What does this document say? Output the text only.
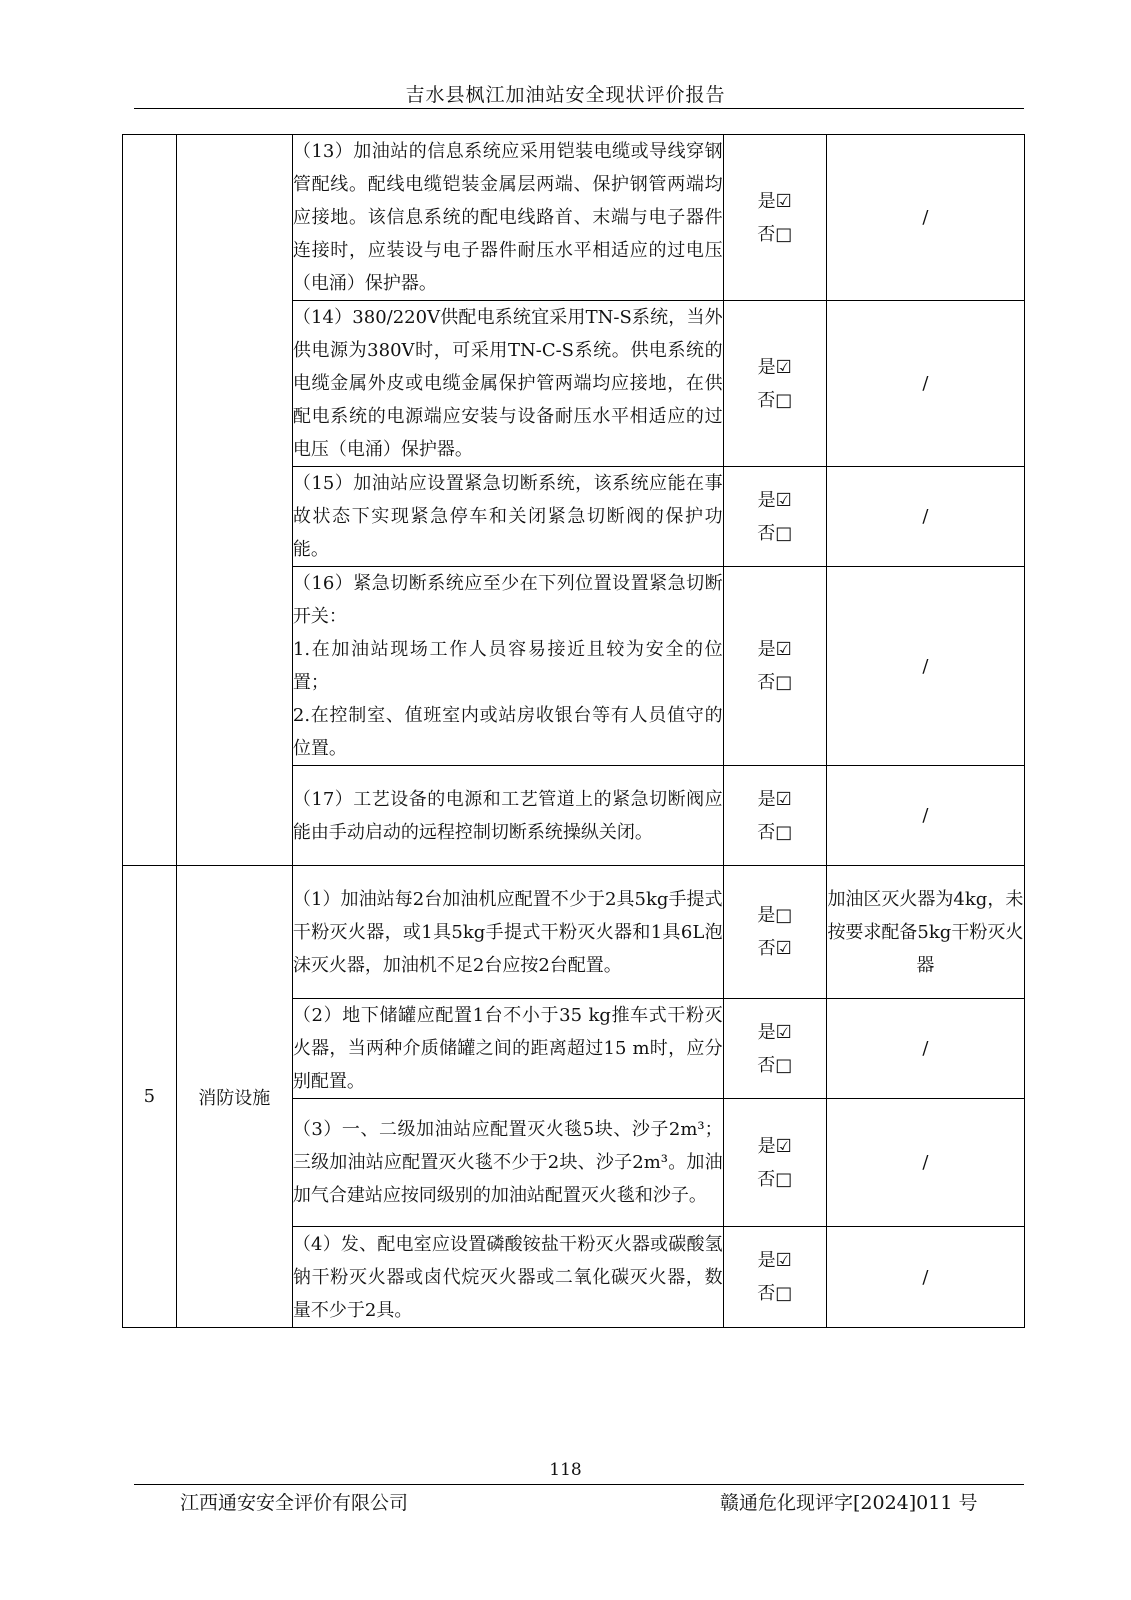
吉水县枫江加油站安全现状评价报告
		（13）加油站的信息系统应采用铠装电缆或导线穿钢管配线。配线电缆铠装金属层两端、保护钢管两端均应接地。该信息系统的配电线路首、末端与电子器件连接时，应装设与电子器件耐压水平相适应的过电压（电涌）保护器。	是☑
否□	/
		（14）380/220V供配电系统宜采用TN-S系统，当外供电源为380V时，可采用TN-C-S系统。供电系统的电缆金属外皮或电缆金属保护管两端均应接地，在供配电系统的电源端应安装与设备耐压水平相适应的过电压（电涌）保护器。	是☑
否□	/
		（15）加油站应设置紧急切断系统，该系统应能在事故状态下实现紧急停车和关闭紧急切断阀的保护功能。	是☑
否□	/
		（16）紧急切断系统应至少在下列位置设置紧急切断开关：
1.在加油站现场工作人员容易接近且较为安全的位置；
2.在控制室、值班室内或站房收银台等有人员值守的位置。	是☑
否□	/
		（17）工艺设备的电源和工艺管道上的紧急切断阀应能由手动启动的远程控制切断系统操纵关闭。	是☑
否□	/
5	消防设施	（1）加油站每2台加油机应配置不少于2具5kg手提式干粉灭火器，或1具5kg手提式干粉灭火器和1具6L泡沫灭火器，加油机不足2台应按2台配置。	是□
否☑	加油区灭火器为4kg，未按要求配备5kg干粉灭火器
		（2）地下储罐应配置1台不小于35 kg推车式干粉灭火器，当两种介质储罐之间的距离超过15 m时，应分别配置。	是☑
否□	/
		（3）一、二级加油站应配置灭火毯5块、沙子2m³；三级加油站应配置灭火毯不少于2块、沙子2m³。加油加气合建站应按同级别的加油站配置灭火毯和沙子。	是☑
否□	/
		（4）发、配电室应设置磷酸铵盐干粉灭火器或碳酸氢钠干粉灭火器或卤代烷灭火器或二氧化碳灭火器，数量不少于2具。	是☑
否□	/
118
江西通安安全评价有限公司	赣通危化现评字[2024]011 号
